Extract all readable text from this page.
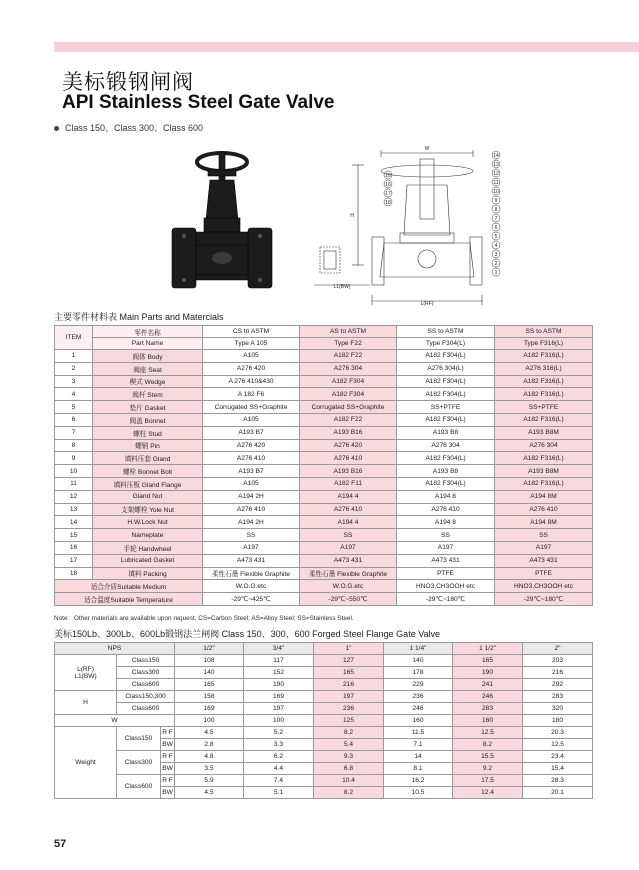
美标锻钢闸阀
API Stainless Steel Gate Valve
Class 150、Class 300、Class 600
W
H
L1(BW)
L(RF)
14
13
12
11
10
9
8
7
6
5
4
3
2
1
15
16
17
18
主要零件材料表 Main Parts and Matercials
ITEM	零件名称	CS to ASTM	AS to ASTM	SS to ASTM	SS to ASTM
	Part Name	Type A 105	Type F22	Type F304(L)	Type F316(L)
1	阀体 Body	A105	A182 F22	A182 F304(L)	A182 F316(L)
2	阀座 Seat	A276 420	A276 304	A276 304(L)	A276 316(L)
3	楔式 Wedge	A 276 410&430	A182 F304	A182 F304(L)	A182 F316(L)
4	阀杆 Stem	A 182 F6	A182 F304	A182 F304(L)	A182 F316(L)
5	垫片 Gasket	Corrugated SS+Graphite	Corrugated SS+Graphite	SS+PTFE	SS+PTFE
6	阀盖 Bonnet	A105	A182 F22	A182 F304(L)	A182 F316(L)
7	螺柱 Stud	A193 B7	A193 B16	A193 B8	A193 B8M
8	螺销 Pin	A276 420	A276 420	A276 304	A276 304
9	填料压套 Gland	A276 410	A276 410	A182 F304(L)	A182 F316(L)
10	螺栓 Bonnet Bolt	A193 B7	A193 B16	A193 B8	A193 B8M
11	填料压板 Gland Flange	A105	A182 F11	A182 F304(L)	A182 F316(L)
12	Gland Nut	A194 2H	A194 4	A194 8	A194 8M
13	支架螺栓 Yole Nut	A276 410	A276 410	A276 410	A276 410
14	H.W.Lock Nut	A194 2H	A194 4	A194 8	A194 8M
15	Nameplate	SS	SS	SS	SS
16	手轮 Handwheel	A197	A197	A197	A197
17	Lubricated Gasket	A473 431	A473 431	A473 431	A473 431
18	填料 Packing	柔性石墨 Flexible Graphite	柔性石墨 Flexible Graphite	PTFE	PTFE
适合介质Suitable Medium		W.O.G.etc	W.O.G.etc	HNO3,CH3OOH etc	HNO3,CH3OOH etc
适合温度Suitable Temperature		-29℃~425℃	-29℃~550℃	-29℃~180℃	-29℃~180℃
Note：Other materials are available upon request. CS=Carbon Steel; AS=Alloy Steel; SS=Stainless Steel.
美标150Lb、300Lb、600Lb锻钢法兰闸阀 Class 150、300、600 Forged Steel Flange Gate Valve
NPS			1/2"	3/4"	1"	1 1/4"	1 1/2"	2"
L(RF)
L1(BW)	Class150		108	117	127	140	165	203
	Class300		140	152	165	178	190	216
	Class600		165	190	216	229	241	292
H	Class150,300		158	169	197	236	246	283
	Class600		169	197	236	246	283	320
W			100	100	125	160	160	180
Weight	Class150	R F	4.5	5.2	8.2	11.5	12.5	20.3
		BW	2.8	3.3	5.4	7.1	8.2	12.5
	Class300	R F	4.8	6.2	9.3	14	15.5	23.4
		BW	3.5	4.4	6.8	8.1	9.2	15.4
	Class600	R F	5.9	7.4	10.4	16.2	17.5	28.3
		BW	4.5	5.1	8.2	10.5	12.4	20.1
57
